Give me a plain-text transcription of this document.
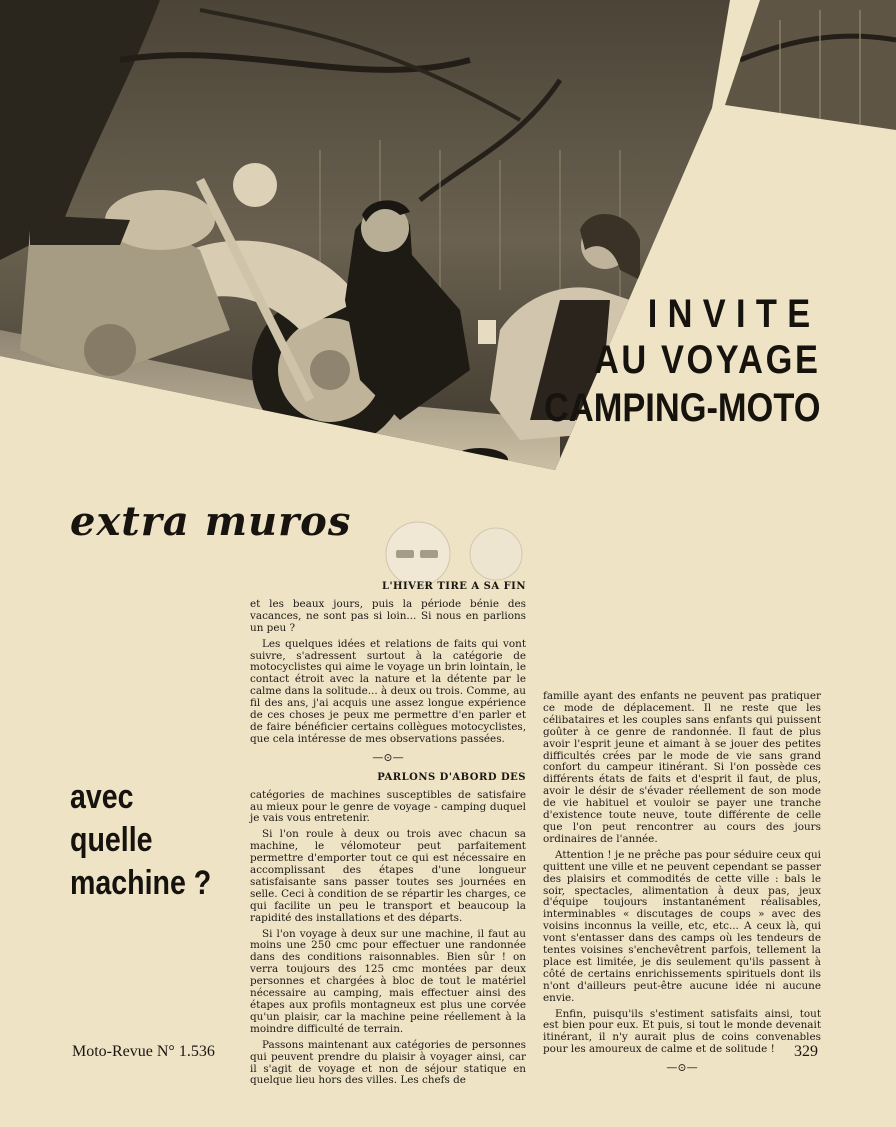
INVITE
AU VOYAGE
CAMPING-MOTO
extra muros
avec
quelle
machine ?
L'HIVER TIRE A SA FIN

et les beaux jours, puis la période bénie des vacances, ne sont pas si loin... Si nous en parlions un peu ?

Les quelques idées et relations de faits qui vont suivre, s'adressent surtout à la catégorie de motocyclistes qui aime le voyage un brin lointain, le contact étroit avec la nature et la détente par le calme dans la solitude... à deux ou trois. Comme, au fil des ans, j'ai acquis une assez longue expérience de ces choses je peux me permettre d'en parler et de faire bénéficier certains collègues motocyclistes, que cela intéresse de mes observations passées.

—⊙—
PARLONS D'ABORD DES

catégories de machines susceptibles de satisfaire au mieux pour le genre de voyage - camping duquel je vais vous entretenir.

Si l'on roule à deux ou trois avec chacun sa machine, le vélomoteur peut parfaitement permettre d'emporter tout ce qui est nécessaire en accomplissant des étapes d'une longueur satisfaisante sans passer toutes ses journées en selle. Ceci à condition de se répartir les charges, ce qui facilite un peu le transport et beaucoup la rapidité des installations et des départs.

Si l'on voyage à deux sur une machine, il faut au moins une 250 cmc pour effectuer une randonnée dans des conditions raisonnables. Bien sûr ! on verra toujours des 125 cmc montées par deux personnes et chargées à bloc de tout le matériel nécessaire au camping, mais effectuer ainsi des étapes aux profils montagneux est plus une corvée qu'un plaisir, car la machine peine réellement à la moindre difficulté de terrain.

Passons maintenant aux catégories de personnes qui peuvent prendre du plaisir à voyager ainsi, car il s'agit de voyage et non de séjour statique en quelque lieu hors des villes. Les chefs de

famille ayant des enfants ne peuvent pas pratiquer ce mode de déplacement. Il ne reste que les célibataires et les couples sans enfants qui puissent goûter à ce genre de randonnée. Il faut de plus avoir l'esprit jeune et aimant à se jouer des petites difficultés crées par le mode de vie sans grand confort du campeur itinérant. Si l'on possède ces différents états de faits et d'esprit il faut, de plus, avoir le désir de s'évader réellement de son mode de vie habituel et vouloir se payer une tranche d'existence toute neuve, toute différente de celle que l'on peut rencontrer au cours des jours ordinaires de l'année.

Attention ! je ne prêche pas pour séduire ceux qui quittent une ville et ne peuvent cependant se passer des plaisirs et commodités de cette ville : bals le soir, spectacles, alimentation à deux pas, jeux d'équipe toujours instantanément réalisables, interminables « discutages de coups » avec des voisins inconnus la veille, etc, etc... A ceux là, qui vont s'entasser dans des camps où les tendeurs de tentes voisines s'enchevêtrent parfois, tellement la place est limitée, je dis seulement qu'ils passent à côté de certains enrichissements spirituels dont ils n'ont d'ailleurs peut-être aucune idée ni aucune envie.

Enfin, puisqu'ils s'estiment satisfaits ainsi, tout est bien pour eux. Et puis, si tout le monde devenait itinérant, il n'y aurait plus de coins convenables pour les amoureux de calme et de solitude !

—⊙—
Moto-Revue N° 1.536	329
